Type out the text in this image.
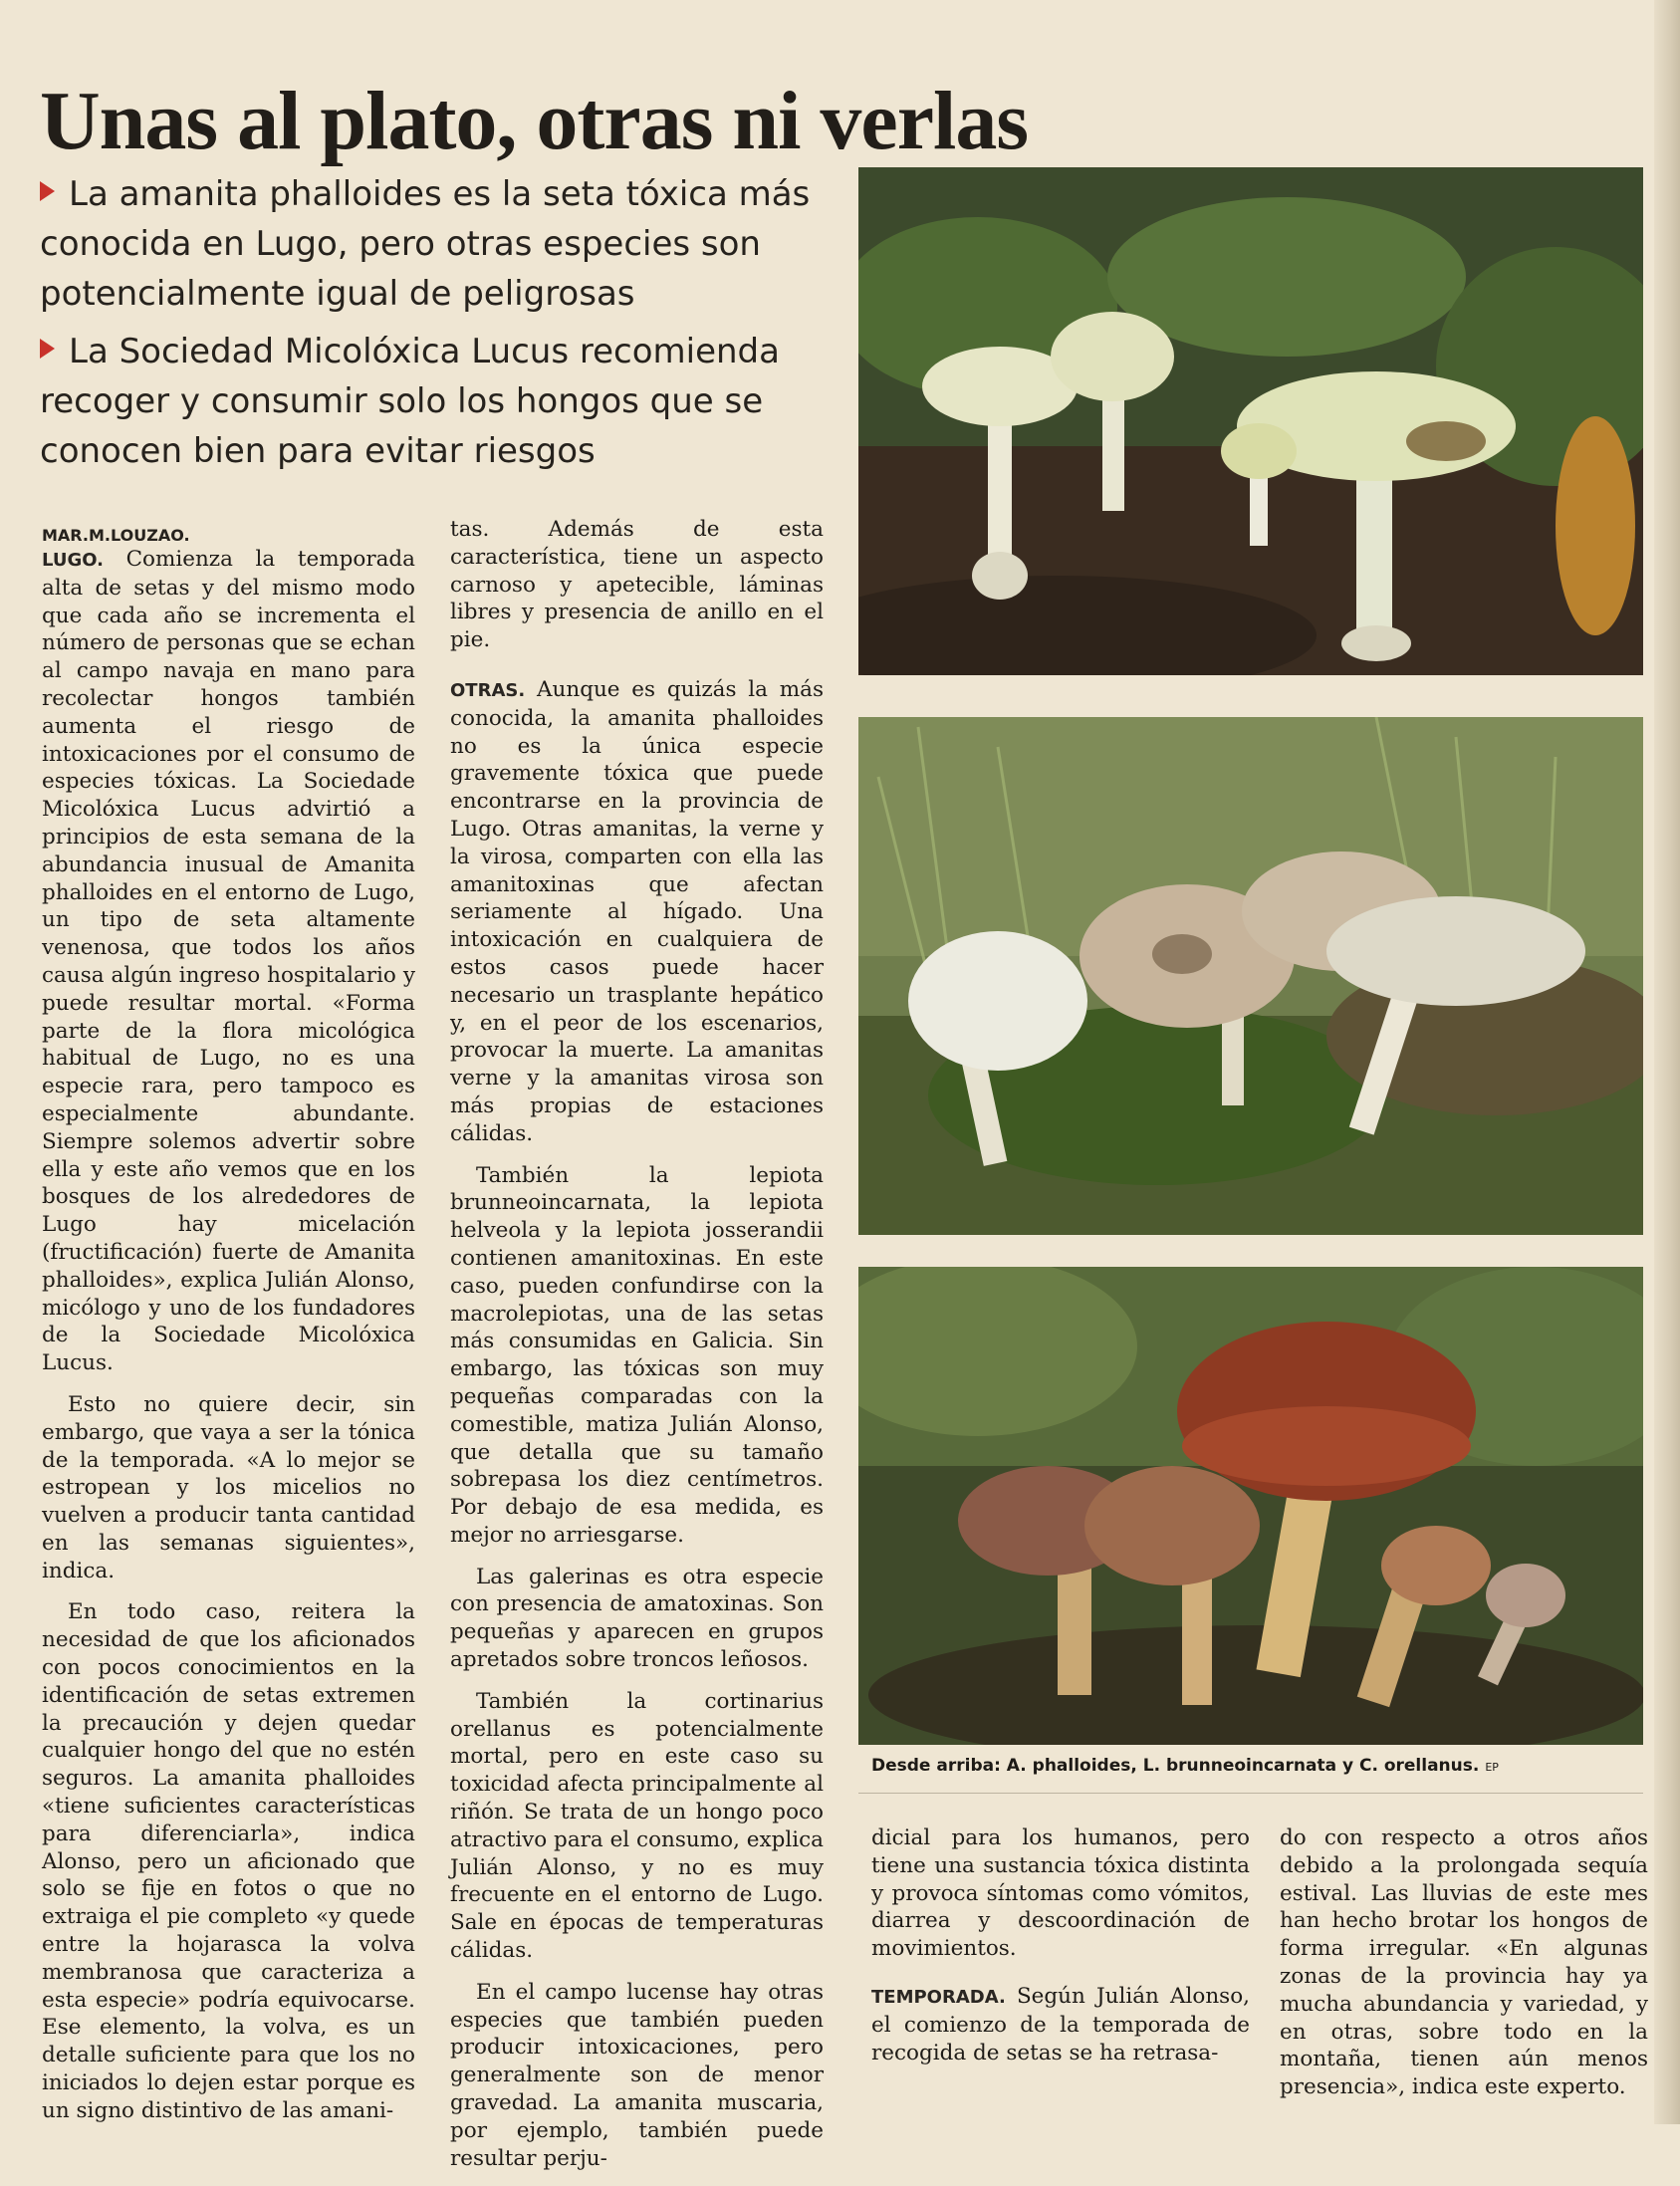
Unas al plato, otras ni verlas
La amanita phalloides es la seta tóxica más conocida en Lugo, pero otras especies son potencialmente igual de peligrosas
La Sociedad Micolóxica Lucus recomienda recoger y consumir solo los hongos que se conocen bien para evitar riesgos
MAR.M.LOUZAO.

LUGO. Comienza la temporada alta de setas y del mismo modo que cada año se incrementa el número de personas que se echan al campo navaja en mano para recolectar hongos también aumenta el riesgo de intoxicaciones por el consumo de especies tóxicas. La Sociedade Micolóxica Lucus advirtió a principios de esta semana de la abundancia inusual de Amanita phalloides en el entorno de Lugo, un tipo de seta altamente venenosa, que todos los años causa algún ingreso hospitalario y puede resultar mortal. «Forma parte de la flora micológica habitual de Lugo, no es una especie rara, pero tampoco es especialmente abundante. Siempre solemos advertir sobre ella y este año vemos que en los bosques de los alrededores de Lugo hay micelación (fructificación) fuerte de Amanita phalloides», explica Julián Alonso, micólogo y uno de los fundadores de la Sociedade Micolóxica Lucus.

Esto no quiere decir, sin embargo, que vaya a ser la tónica de la temporada. «A lo mejor se estropean y los micelios no vuelven a producir tanta cantidad en las semanas siguientes», indica.

En todo caso, reitera la necesidad de que los aficionados con pocos conocimientos en la identificación de setas extremen la precaución y dejen quedar cualquier hongo del que no estén seguros. La amanita phalloides «tiene suficientes características para diferenciarla», indica Alonso, pero un aficionado que solo se fije en fotos o que no extraiga el pie completo «y quede entre la hojarasca la volva membranosa que caracteriza a esta especie» podría equivocarse. Ese elemento, la volva, es un detalle suficiente para que los no iniciados lo dejen estar porque es un signo distintivo de las amani-

tas. Además de esta característica, tiene un aspecto carnoso y apetecible, láminas libres y presencia de anillo en el pie.

OTRAS. Aunque es quizás la más conocida, la amanita phalloides no es la única especie gravemente tóxica que puede encontrarse en la provincia de Lugo. Otras amanitas, la verne y la virosa, comparten con ella las amanitoxinas que afectan seriamente al hígado. Una intoxicación en cualquiera de estos casos puede hacer necesario un trasplante hepático y, en el peor de los escenarios, provocar la muerte. La amanitas verne y la amanitas virosa son más propias de estaciones cálidas.

También la lepiota brunneoincarnata, la lepiota helveola y la lepiota josserandii contienen amanitoxinas. En este caso, pueden confundirse con la macrolepiotas, una de las setas más consumidas en Galicia. Sin embargo, las tóxicas son muy pequeñas comparadas con la comestible, matiza Julián Alonso, que detalla que su tamaño sobrepasa los diez centímetros. Por debajo de esa medida, es mejor no arriesgarse.

Las galerinas es otra especie con presencia de amatoxinas. Son pequeñas y aparecen en grupos apretados sobre troncos leñosos.

También la cortinarius orellanus es potencialmente mortal, pero en este caso su toxicidad afecta principalmente al riñón. Se trata de un hongo poco atractivo para el consumo, explica Julián Alonso, y no es muy frecuente en el entorno de Lugo. Sale en épocas de temperaturas cálidas.

En el campo lucense hay otras especies que también pueden producir intoxicaciones, pero generalmente son de menor gravedad. La amanita muscaria, por ejemplo, también puede resultar perju-

Desde arriba: A. phalloides, L. brunneoincarnata y C. orellanus. EP

dicial para los humanos, pero tiene una sustancia tóxica distinta y provoca síntomas como vómitos, diarrea y descoordinación de movimientos.

TEMPORADA. Según Julián Alonso, el comienzo de la temporada de recogida de setas se ha retrasa-

do con respecto a otros años debido a la prolongada sequía estival. Las lluvias de este mes han hecho brotar los hongos de forma irregular. «En algunas zonas de la provincia hay ya mucha abundancia y variedad, y en otras, sobre todo en la montaña, tienen aún menos presencia», indica este experto.
